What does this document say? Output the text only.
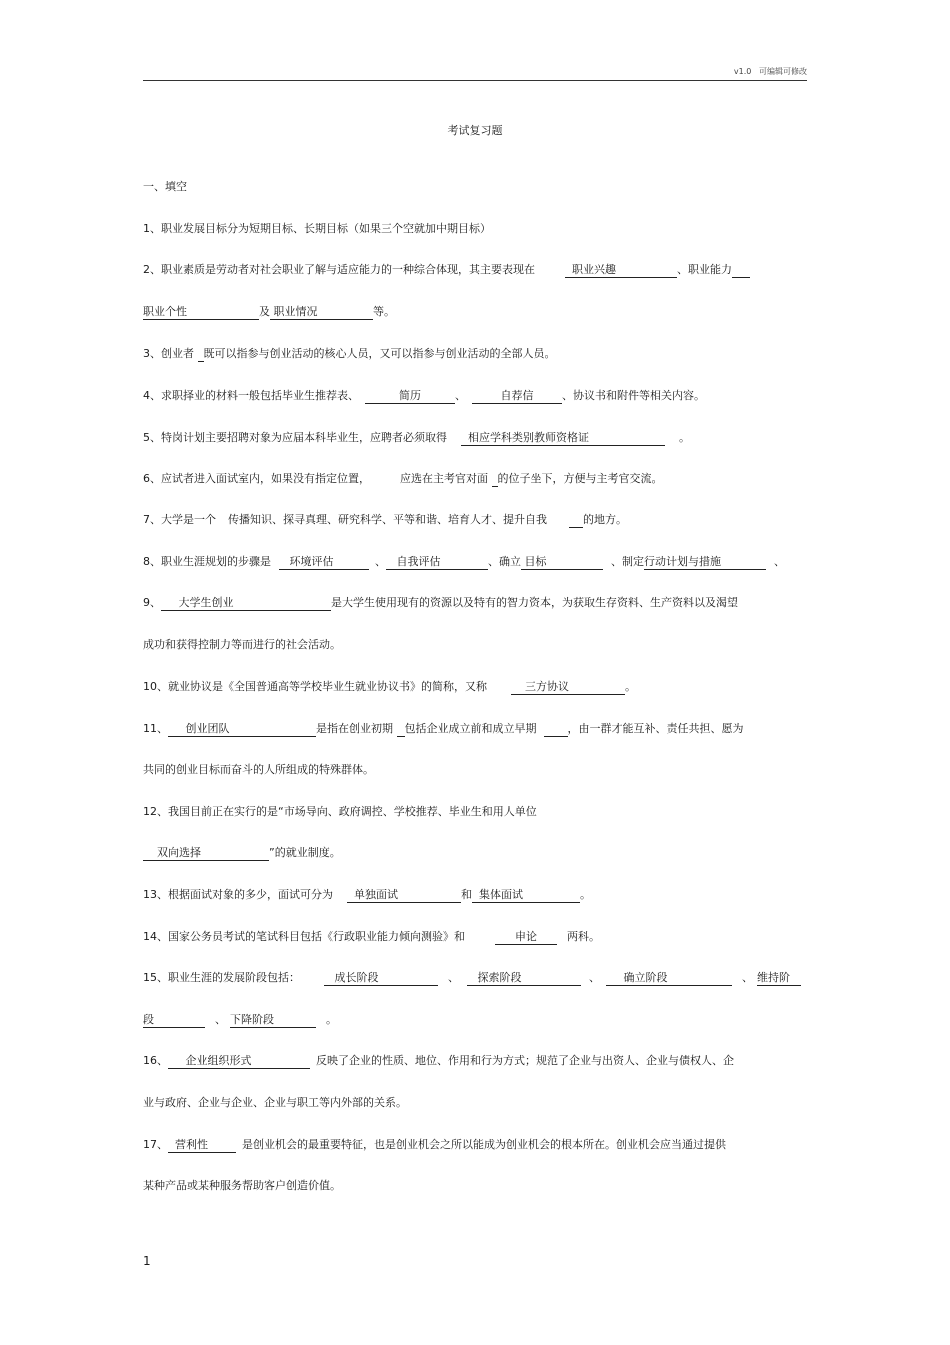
v1.0 可编辑可修改
考试复习题
一、填空
1、职业发展目标分为短期目标、长期目标（如果三个空就加中期目标）
2、职业素质是劳动者对社会职业了解与适应能力的一种综合体现，其主要表现在	职业兴趣	、职业能力
职业个性	及 职业情况	等。
3、创业者 既可以指参与创业活动的核心人员，又可以指参与创业活动的全部人员。
4、求职择业的材料一般包括毕业生推荐表、	简历	、	自荐信	、协议书和附件等相关内容。
5、特岗计划主要招聘对象为应届本科毕业生，应聘者必须取得 相应学科类别教师资格证	。
6、应试者进入面试室内，如果没有指定位置，	应选在主考官对面 的位子坐下，方便与主考官交流。
7、大学是一个 传播知识、探寻真理、研究科学、平等和谐、培育人才、提升自我	的地方。
8、职业生涯规划的步骤是 环境评估	、 自我评估	、确立 目标	、制定行动计划与措施	、
9、 大学生创业	是大学生使用现有的资源以及特有的智力资本，为获取生存资料、生产资料以及渴望
成功和获得控制力等而进行的社会活动。
10、就业协议是《全国普通高等学校毕业生就业协议书》的简称，又称	三方协议	。
11、 创业团队	是指在创业初期 包括企业成立前和成立早期	，由一群才能互补、责任共担、愿为
共同的创业目标而奋斗的人所组成的特殊群体。
12、我国目前正在实行的是“市场导向、政府调控、学校推荐、毕业生和用人单位
双向选择	”的就业制度。
13、根据面试对象的多少，面试可分为 单独面试	和 集体面试	。
14、国家公务员考试的笔试科目包括《行政职业能力倾向测验》和	申论	两科。
15、职业生涯的发展阶段包括：	成长阶段	、 探索阶段	、 确立阶段	、 维持阶
段	、 下降阶段	。
16、 企业组织形式	反映了企业的性质、地位、作用和行为方式；规范了企业与出资人、企业与债权人、企
业与政府、企业与企业、企业与职工等内外部的关系。
17、 营利性	是创业机会的最重要特征，也是创业机会之所以能成为创业机会的根本所在。创业机会应当通过提供
某种产品或某种服务帮助客户创造价值。
1
